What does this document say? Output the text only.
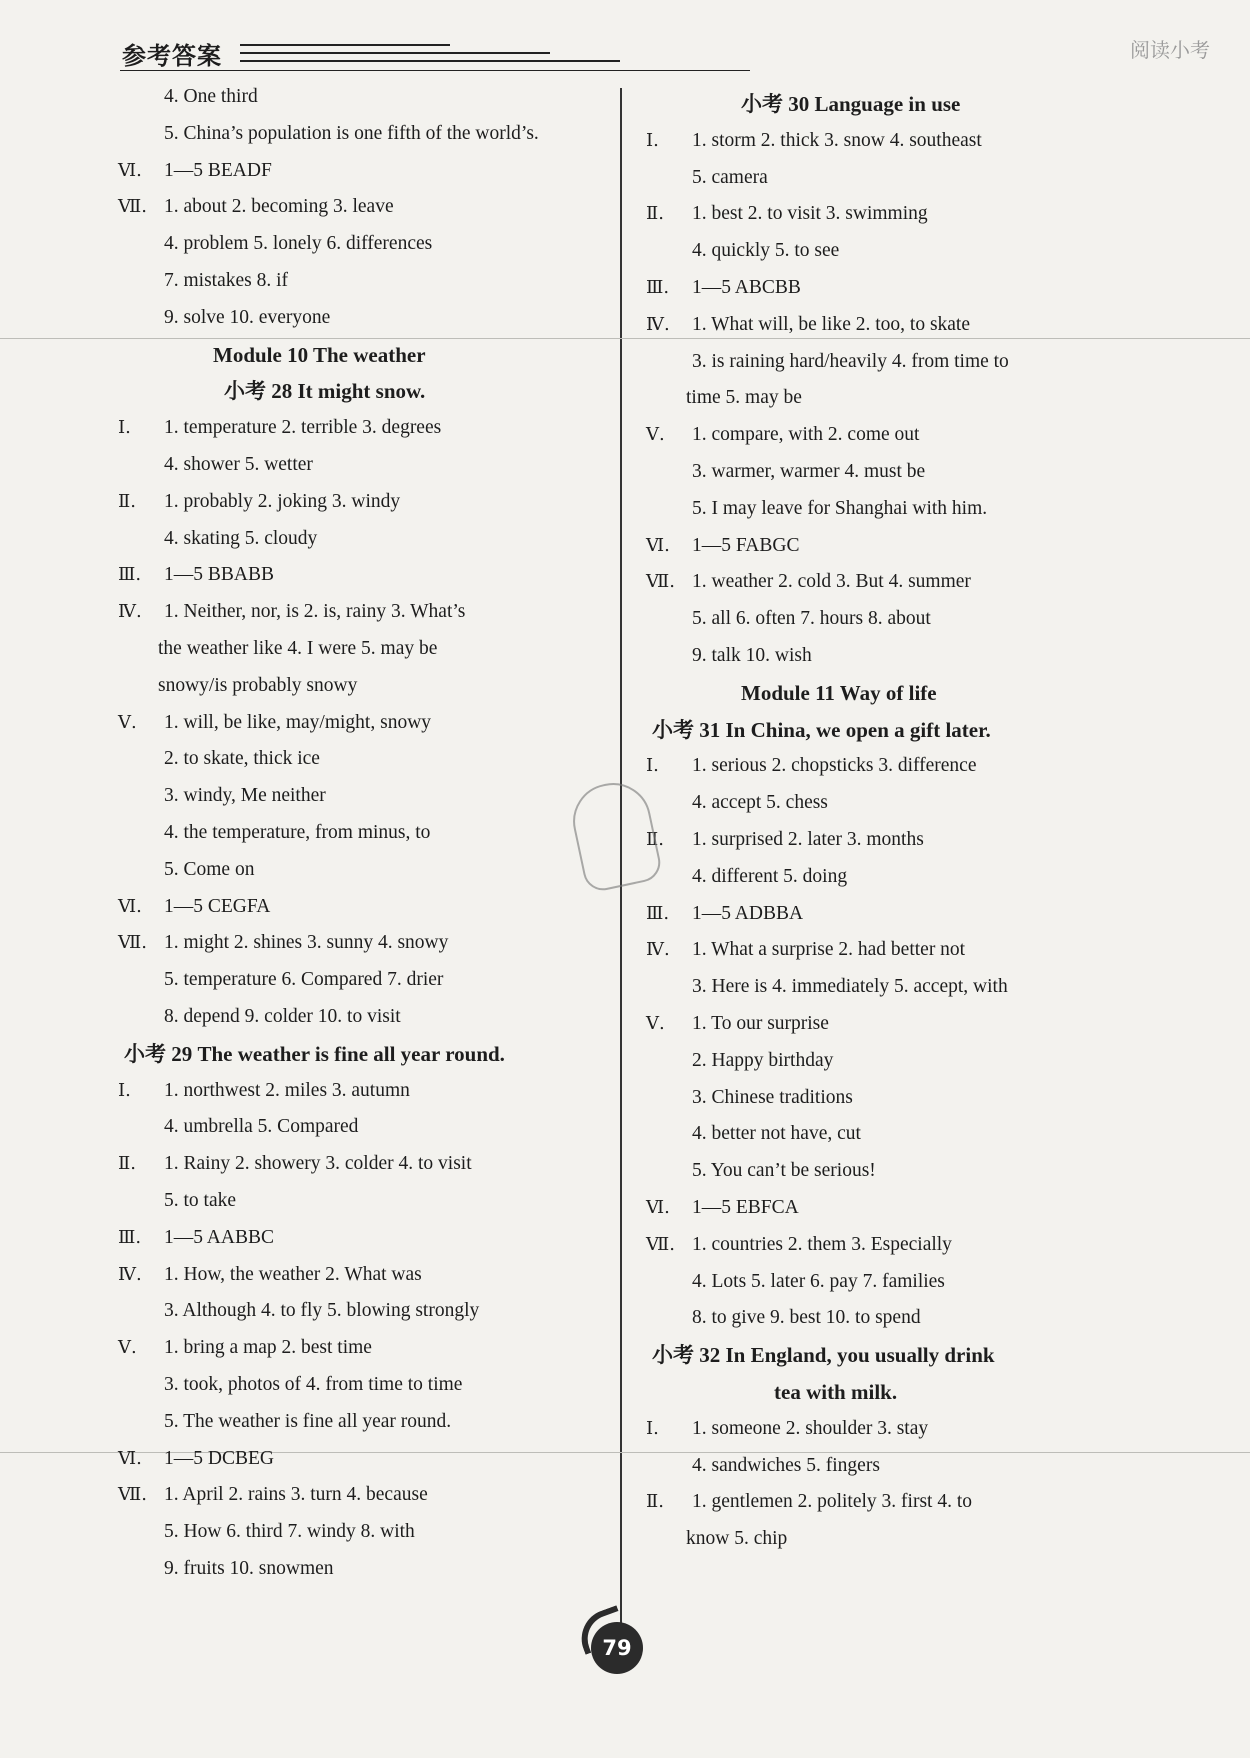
参考答案	阅读小考
4. One third
5. China’s population is one fifth of the world’s.
Ⅵ. 1—5 BEADF
Ⅶ. 1. about 2. becoming 3. leave
4. problem 5. lonely 6. differences
7. mistakes 8. if
9. solve 10. everyone
Module 10 The weather
小考 28 It might snow.
Ⅰ. 1. temperature 2. terrible 3. degrees
4. shower 5. wetter
Ⅱ. 1. probably 2. joking 3. windy
4. skating 5. cloudy
Ⅲ. 1—5 BBABB
Ⅳ. 1. Neither, nor, is 2. is, rainy 3. What’s
the weather like 4. I were 5. may be
snowy/is probably snowy
Ⅴ. 1. will, be like, may/might, snowy
2. to skate, thick ice
3. windy, Me neither
4. the temperature, from minus, to
5. Come on
Ⅵ. 1—5 CEGFA
Ⅶ. 1. might 2. shines 3. sunny 4. snowy
5. temperature 6. Compared 7. drier
8. depend 9. colder 10. to visit
小考 29 The weather is fine all year round.
Ⅰ. 1. northwest 2. miles 3. autumn
4. umbrella 5. Compared
Ⅱ. 1. Rainy 2. showery 3. colder 4. to visit
5. to take
Ⅲ. 1—5 AABBC
Ⅳ. 1. How, the weather 2. What was
3. Although 4. to fly 5. blowing strongly
Ⅴ. 1. bring a map 2. best time
3. took, photos of 4. from time to time
5. The weather is fine all year round.
Ⅵ. 1—5 DCBEG
Ⅶ. 1. April 2. rains 3. turn 4. because
5. How 6. third 7. windy 8. with
9. fruits 10. snowmen
小考 30 Language in use
Ⅰ. 1. storm 2. thick 3. snow 4. southeast
5. camera
Ⅱ. 1. best 2. to visit 3. swimming
4. quickly 5. to see
Ⅲ. 1—5 ABCBB
Ⅳ. 1. What will, be like 2. too, to skate
3. is raining hard/heavily 4. from time to
time 5. may be
Ⅴ. 1. compare, with 2. come out
3. warmer, warmer 4. must be
5. I may leave for Shanghai with him.
Ⅵ. 1—5 FABGC
Ⅶ. 1. weather 2. cold 3. But 4. summer
5. all 6. often 7. hours 8. about
9. talk 10. wish
Module 11 Way of life
小考 31 In China, we open a gift later.
Ⅰ. 1. serious 2. chopsticks 3. difference
4. accept 5. chess
Ⅱ. 1. surprised 2. later 3. months
4. different 5. doing
Ⅲ. 1—5 ADBBA
Ⅳ. 1. What a surprise 2. had better not
3. Here is 4. immediately 5. accept, with
Ⅴ. 1. To our surprise
2. Happy birthday
3. Chinese traditions
4. better not have, cut
5. You can’t be serious!
Ⅵ. 1—5 EBFCA
Ⅶ. 1. countries 2. them 3. Especially
4. Lots 5. later 6. pay 7. families
8. to give 9. best 10. to spend
小考 32 In England, you usually drink
tea with milk.
Ⅰ. 1. someone 2. shoulder 3. stay
4. sandwiches 5. fingers
Ⅱ. 1. gentlemen 2. politely 3. first 4. to
know 5. chip
79
